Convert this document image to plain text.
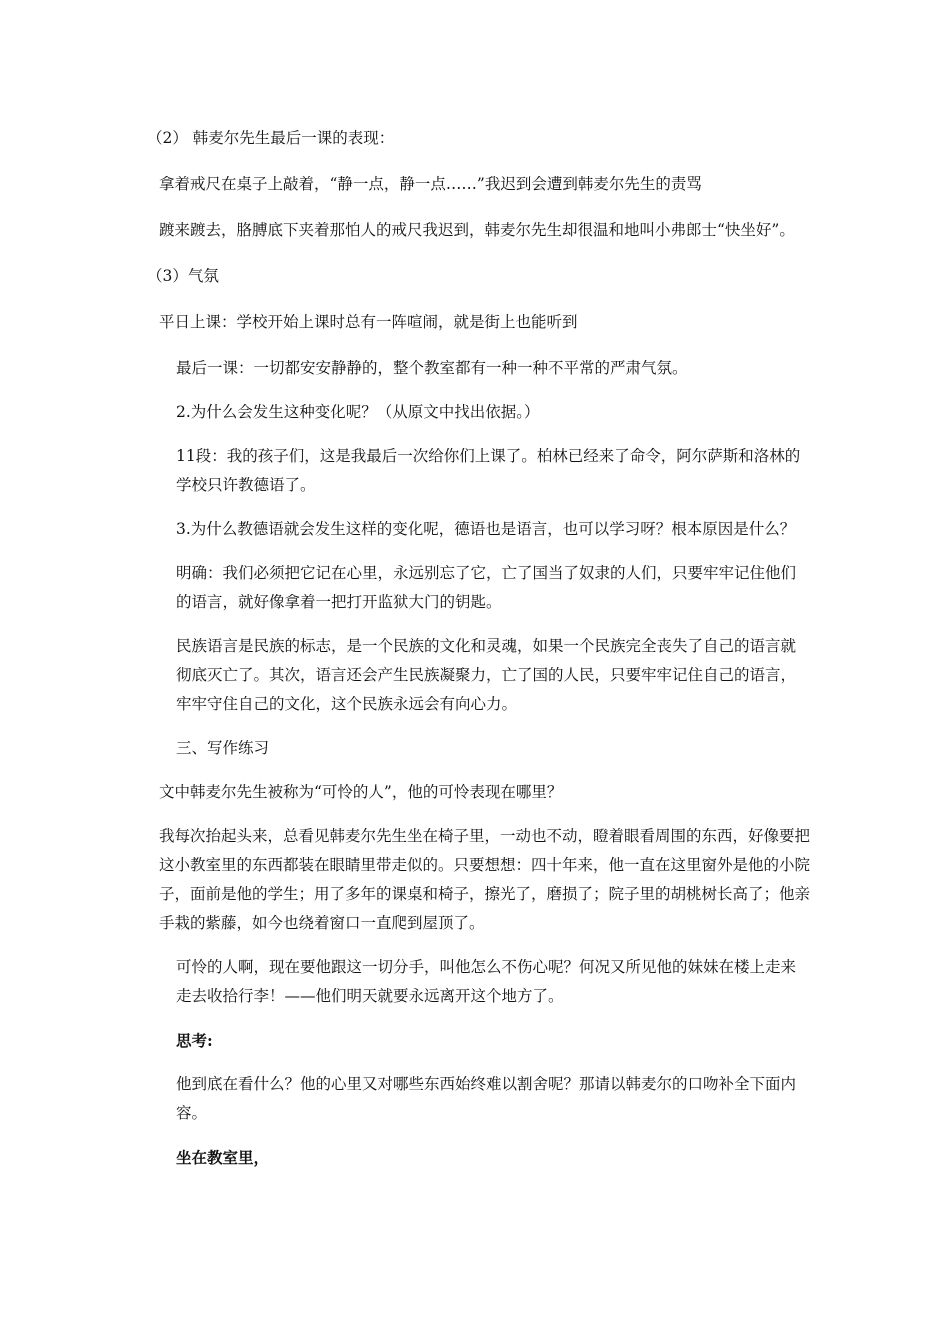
（2） 韩麦尔先生最后一课的表现：

拿着戒尺在桌子上敲着，“静一点，静一点……”我迟到会遭到韩麦尔先生的责骂

踱来踱去，胳膊底下夹着那怕人的戒尺我迟到，韩麦尔先生却很温和地叫小弗郎士“快坐好”。

（3）气氛

平日上课：学校开始上课时总有一阵喧闹，就是街上也能听到

最后一课：一切都安安静静的，整个教室都有一种一种不平常的严肃气氛。

2.为什么会发生这种变化呢？（从原文中找出依据。）

11段：我的孩子们，这是我最后一次给你们上课了。柏林已经来了命令，阿尔萨斯和洛林的学校只许教德语了。

3.为什么教德语就会发生这样的变化呢，德语也是语言，也可以学习呀？根本原因是什么？

明确：我们必须把它记在心里，永远别忘了它，亡了国当了奴隶的人们，只要牢牢记住他们的语言，就好像拿着一把打开监狱大门的钥匙。

民族语言是民族的标志，是一个民族的文化和灵魂，如果一个民族完全丧失了自己的语言就彻底灭亡了。其次，语言还会产生民族凝聚力，亡了国的人民，只要牢牢记住自己的语言，牢牢守住自己的文化，这个民族永远会有向心力。

三、写作练习

文中韩麦尔先生被称为“可怜的人”，他的可怜表现在哪里？

我每次抬起头来，总看见韩麦尔先生坐在椅子里，一动也不动，瞪着眼看周围的东西，好像要把这小教室里的东西都装在眼睛里带走似的。只要想想：四十年来，他一直在这里窗外是他的小院子，面前是他的学生；用了多年的课桌和椅子，擦光了，磨损了；院子里的胡桃树长高了；他亲手栽的紫藤，如今也绕着窗口一直爬到屋顶了。

可怜的人啊，现在要他跟这一切分手，叫他怎么不伤心呢？何况又所见他的妹妹在楼上走来走去收拾行李！——他们明天就要永远离开这个地方了。

思考:

他到底在看什么？他的心里又对哪些东西始终难以割舍呢？那请以韩麦尔的口吻补全下面内容。

坐在教室里，
